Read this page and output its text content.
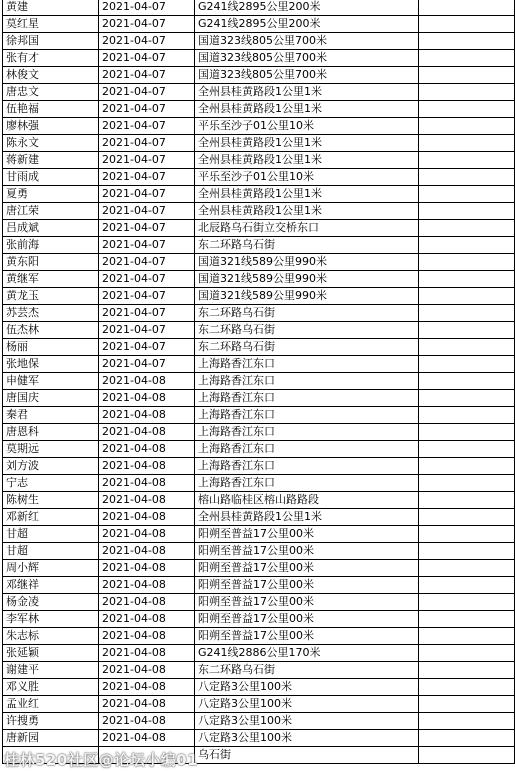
黄建	2021-04-07	G241线2895公里200米	
莫红星	2021-04-07	G241线2895公里200米	
徐邦国	2021-04-07	国道323线805公里700米	
张有才	2021-04-07	国道323线805公里700米	
林俊文	2021-04-07	国道323线805公里700米	
唐忠文	2021-04-07	全州县桂黄路段1公里1米	
伍艳福	2021-04-07	全州县桂黄路段1公里1米	
廖林强	2021-04-07	平乐至沙子01公里10米	
陈永文	2021-04-07	全州县桂黄路段1公里1米	
蒋新建	2021-04-07	全州县桂黄路段1公里1米	
甘雨成	2021-04-07	平乐至沙子01公里10米	
夏勇	2021-04-07	全州县桂黄路段1公里1米	
唐江荣	2021-04-07	全州县桂黄路段1公里1米	
吕成斌	2021-04-07	北辰路乌石街立交桥东口	
张前海	2021-04-07	东二环路乌石街	
黄东阳	2021-04-07	国道321线589公里990米	
黄继军	2021-04-07	国道321线589公里990米	
黄龙玉	2021-04-07	国道321线589公里990米	
苏芸杰	2021-04-07	东二环路乌石街	
伍杰林	2021-04-07	东二环路乌石街	
杨丽	2021-04-07	东二环路乌石街	
张地保	2021-04-07	上海路香江东口	
申健军	2021-04-08	上海路香江东口	
唐国庆	2021-04-08	上海路香江东口	
秦君	2021-04-08	上海路香江东口	
唐恩科	2021-04-08	上海路香江东口	
莫期远	2021-04-08	上海路香江东口	
刘方波	2021-04-08	上海路香江东口	
宁志	2021-04-08	上海路香江东口	
陈树生	2021-04-08	榕山路临桂区榕山路路段	
邓新红	2021-04-08	全州县桂黄路段1公里1米	
甘超	2021-04-08	阳朔至普益17公里00米	
甘超	2021-04-08	阳朔至普益17公里00米	
周小辉	2021-04-08	阳朔至普益17公里00米	
邓继祥	2021-04-08	阳朔至普益17公里00米	
杨金凌	2021-04-08	阳朔至普益17公里00米	
李军林	2021-04-08	阳朔至普益17公里00米	
朱志标	2021-04-08	阳朔至普益17公里00米	
张延颖	2021-04-08	G241线2886公里170米	
谢建平	2021-04-08	东二环路乌石街	
邓义胜	2021-04-08	八定路3公里100米	
孟业红	2021-04-08	八定路3公里100米	
许搜勇	2021-04-08	八定路3公里100米	
唐新园	2021-04-08	八定路3公里100米	
		乌石街	
桂林520社区@论坛小编01
